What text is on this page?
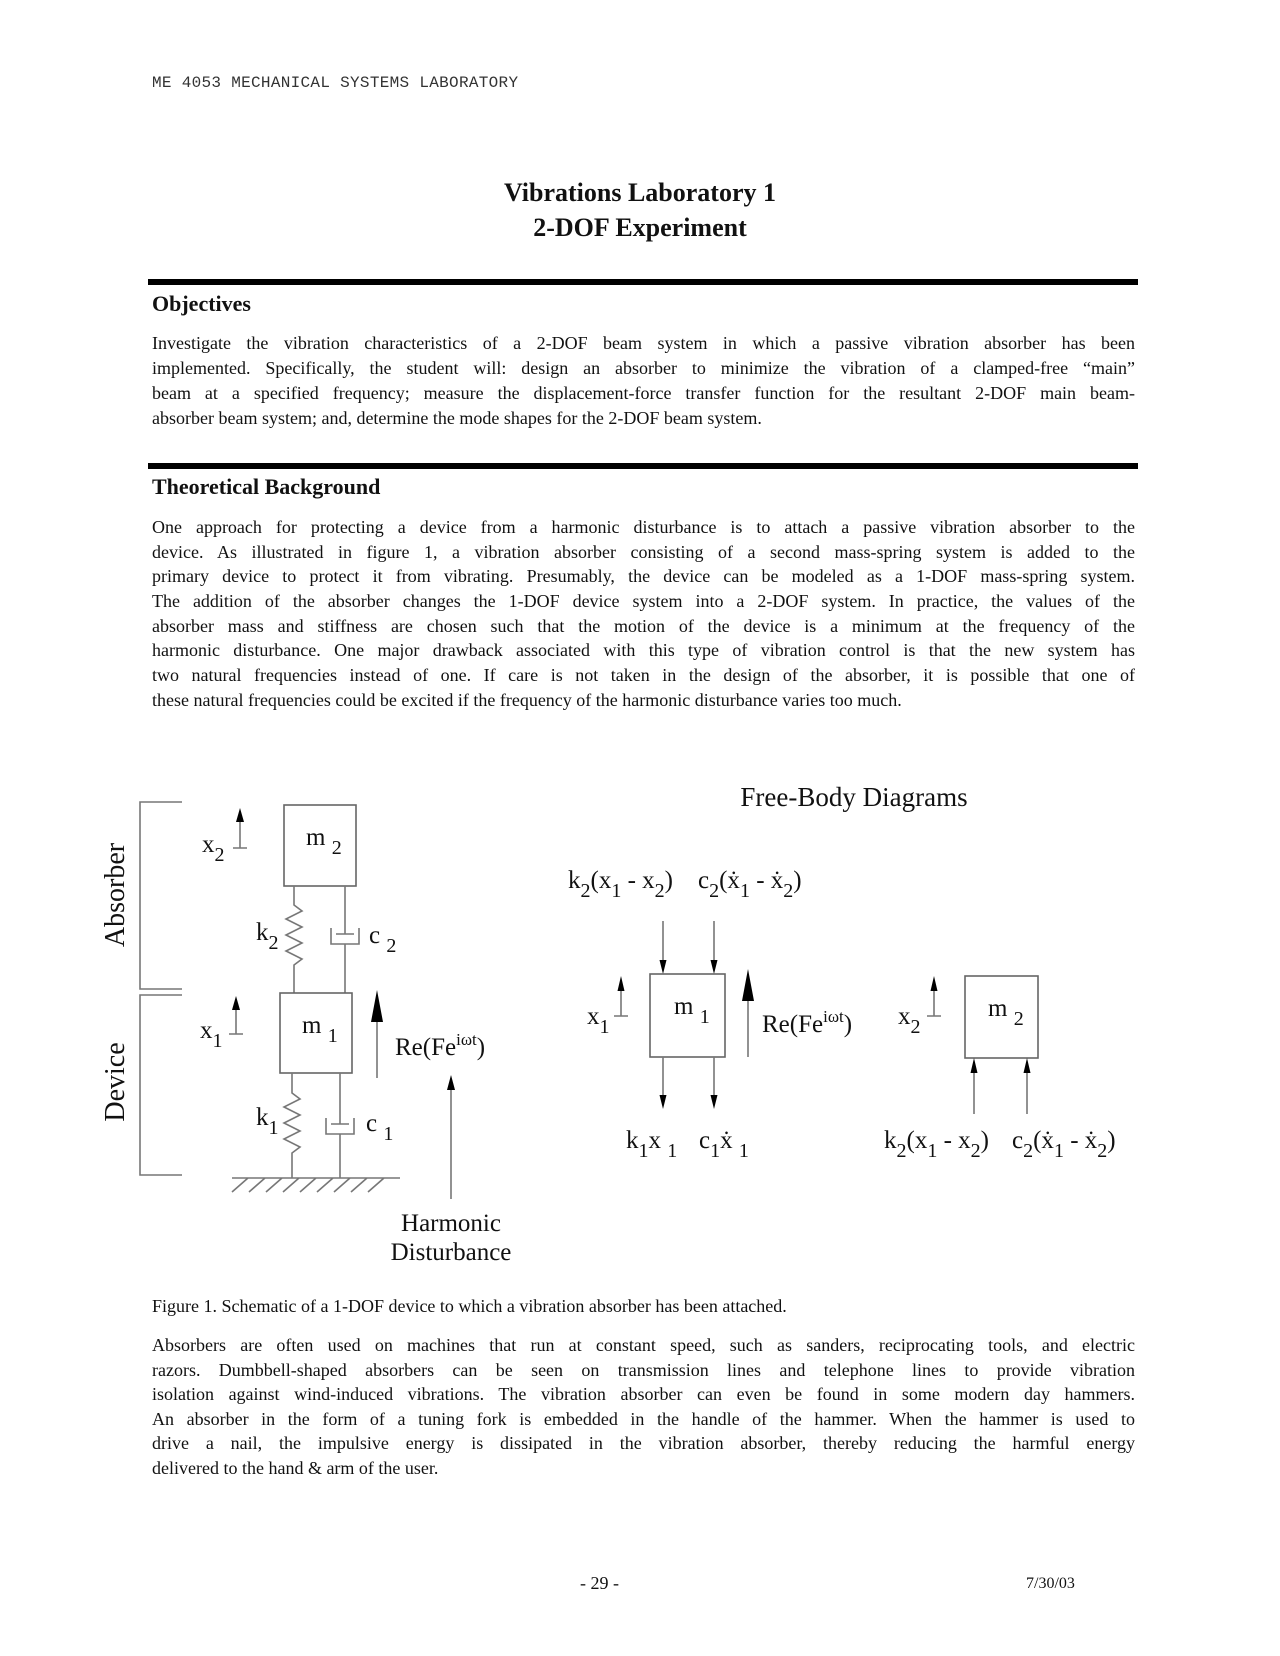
ME 4053 MECHANICAL SYSTEMS LABORATORY
Vibrations Laboratory 1
2-DOF Experiment
Objectives
Investigate the vibration characteristics of a 2-DOF beam system in which a passive vibration absorber has been
implemented. Specifically, the student will: design an absorber to minimize the vibration of a clamped-free “main”
beam at a specified frequency; measure the displacement-force transfer function for the resultant 2-DOF main beam-
absorber beam system; and, determine the mode shapes for the 2-DOF beam system.
Theoretical Background
One approach for protecting a device from a harmonic disturbance is to attach a passive vibration absorber to the
device. As illustrated in figure 1, a vibration absorber consisting of a second mass-spring system is added to the
primary device to protect it from vibrating. Presumably, the device can be modeled as a 1-DOF mass-spring system.
The addition of the absorber changes the 1-DOF device system into a 2-DOF system. In practice, the values of the
absorber mass and stiffness are chosen such that the motion of the device is a minimum at the frequency of the
harmonic disturbance. One major drawback associated with this type of vibration control is that the new system has
two natural frequencies instead of one. If care is not taken in the design of the absorber, it is possible that one of
these natural frequencies could be excited if the frequency of the harmonic disturbance varies too much.
Absorber
Device
m $_2$
$k_2$	c $_2$
m $_1$
$k_1$	c $_1$
$x_2$
$x_1$	$Re(Fe^{i\omega t})$
Harmonic
Disturbance
Free-Body Diagrams
$k_2(x_1 - x_2)$ $c_2(ẋ_1$ - ẋ$_2$)
m $_1$
$x_1$	$Re(Fe^{i\omega t})$
$k_1x$ $_1$ $c_1ẋ$ $_1$
m $_2$
$x_2$
$k_2(x_1 - x_2)$ $c_2(ẋ_1$ - ẋ$_2$)
Figure 1. Schematic of a 1-DOF device to which a vibration absorber has been attached.
Absorbers are often used on machines that run at constant speed, such as sanders, reciprocating tools, and electric
razors. Dumbbell-shaped absorbers can be seen on transmission lines and telephone lines to provide vibration
isolation against wind-induced vibrations. The vibration absorber can even be found in some modern day hammers.
An absorber in the form of a tuning fork is embedded in the handle of the hammer. When the hammer is used to
drive a nail, the impulsive energy is dissipated in the vibration absorber, thereby reducing the harmful energy
delivered to the hand & arm of the user.
- 29 -	7/30/03
